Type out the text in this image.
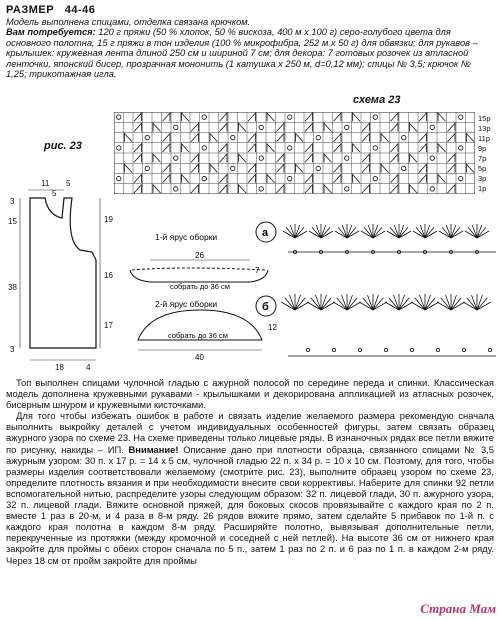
РАЗМЕР 44-46
Модель выполнена спицами, отделка связана крючком.
Вам потребуется: 120 г пряжи (50 % хлопок, 50 % вискоза, 400 м х 100 г) серо-голубого цвета для основного полотна, 15 г пряжи в тон изделия (100 % микрофибра, 252 м х 50 г) для обвязки; для рукавов – крылышек: кружевная лента длиной 250 см и шириной 7 см; для декора: 7 готовых розочек из атласной ленточки, японский бисер, прозрачная мононить (1 катушка х 250 м, d=0,12 мм); спицы № 3,5; крючок № 1,25; трикотажная игла.
схема 23
рис. 23
15р
13р
11р
9р
7р
5р
3р
1р
11 5
5
3
15
38
3
19
16
17
18	4
1-й ярус оборки
26
7
собрать до 36 см
2-й ярус оборки
12
собрать до 36 см
40
а
б

Топ выполнен спицами чулочной гладью с ажурной полосой по середине переда и спинки. Классическая модель дополнена кружевными рукавами - крылышками и декорирована аппликацией из атласных розочек, бисерным шнуром и кружевными кисточками.

Для того чтобы избежать ошибок в работе и связать изделие желаемого размера рекомендую сначала выполнить выкройку деталей с учетом индивидуальных особенностей фигуры, затем связать образец ажурного узора по схеме 23. На схеме приведены только лицевые ряды. В изнаночных рядах все петли вяжите по рисунку, накиды – ИП. Внимание! Описание дано при плотности образца, связанного спицами № 3,5 ажурным узором: 30 п. х 17 р. = 14 х 5 см, чулочной гладью 22 п. х 34 р. = 10 х 10 см. Поэтому, для того, чтобы размеры изделия соответствовали желаемому (смотрите рис. 23), выполните образец узором по схеме 23, определите плотность вязания и при необходимости внесите свои коррективы. Наберите для спинки 92 петли вспомогательной нитью, распределите узоры следующим образом: 32 п. лицевой глади, 30 п. ажурного узора, 32 п. лицевой глади. Вяжите основной пряжей, для боковых скосов провязывайте с каждого края по 2 п. вместе 1 раз в 20-м, и 4 раза в 8-м ряду. 26 рядов вяжите прямо, затем сделайте 5 прибавок по 1-й п. с каждого края полотна в каждом 8-м ряду. Расширяйте полотно, вывязывая дополнительные петли, перекрученные из протяжки (между кромочной и соседней с ней петлей). На высоте 36 см от нижнего края закройте для проймы с обеих сторон сначала по 5 п., затем 1 раз по 2 п. и 6 раз по 1 п. в каждом 2-м ряду. Через 18 см от пройм закройте для проймы

Страна Мам
